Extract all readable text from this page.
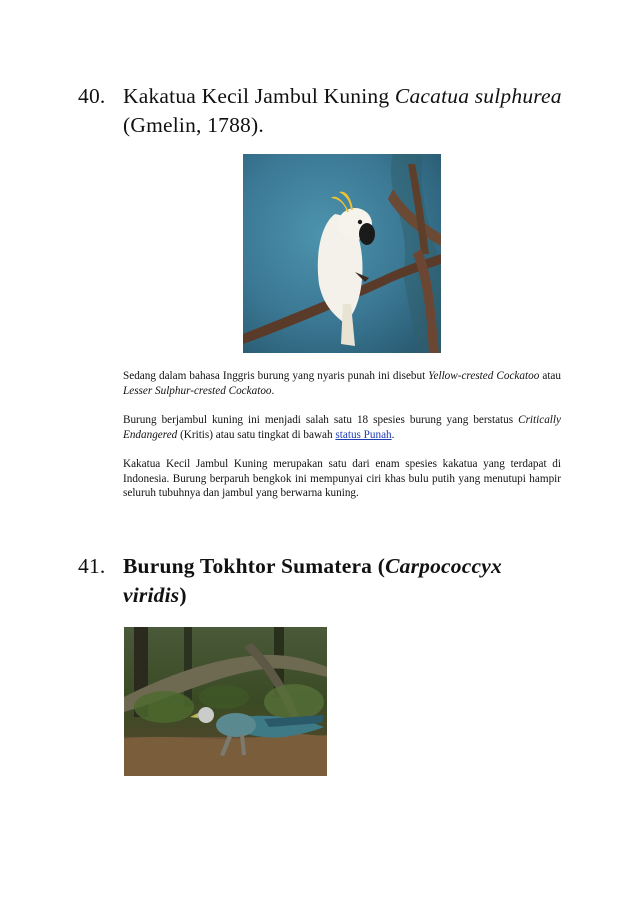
40. Kakatua Kecil Jambul Kuning Cacatua sulphurea (Gmelin, 1788).
Sedang dalam bahasa Inggris burung yang nyaris punah ini disebut Yellow-crested Cockatoo atau Lesser Sulphur-crested Cockatoo.
Burung berjambul kuning ini menjadi salah satu 18 spesies burung yang berstatus Critically Endangered (Kritis) atau satu tingkat di bawah status Punah.
Kakatua Kecil Jambul Kuning merupakan satu dari enam spesies kakatua yang terdapat di Indonesia. Burung berparuh bengkok ini mempunyai ciri khas bulu putih yang menutupi hampir seluruh tubuhnya dan jambul yang berwarna kuning.
41. Burung Tokhtor Sumatera (Carpococcyx viridis)
